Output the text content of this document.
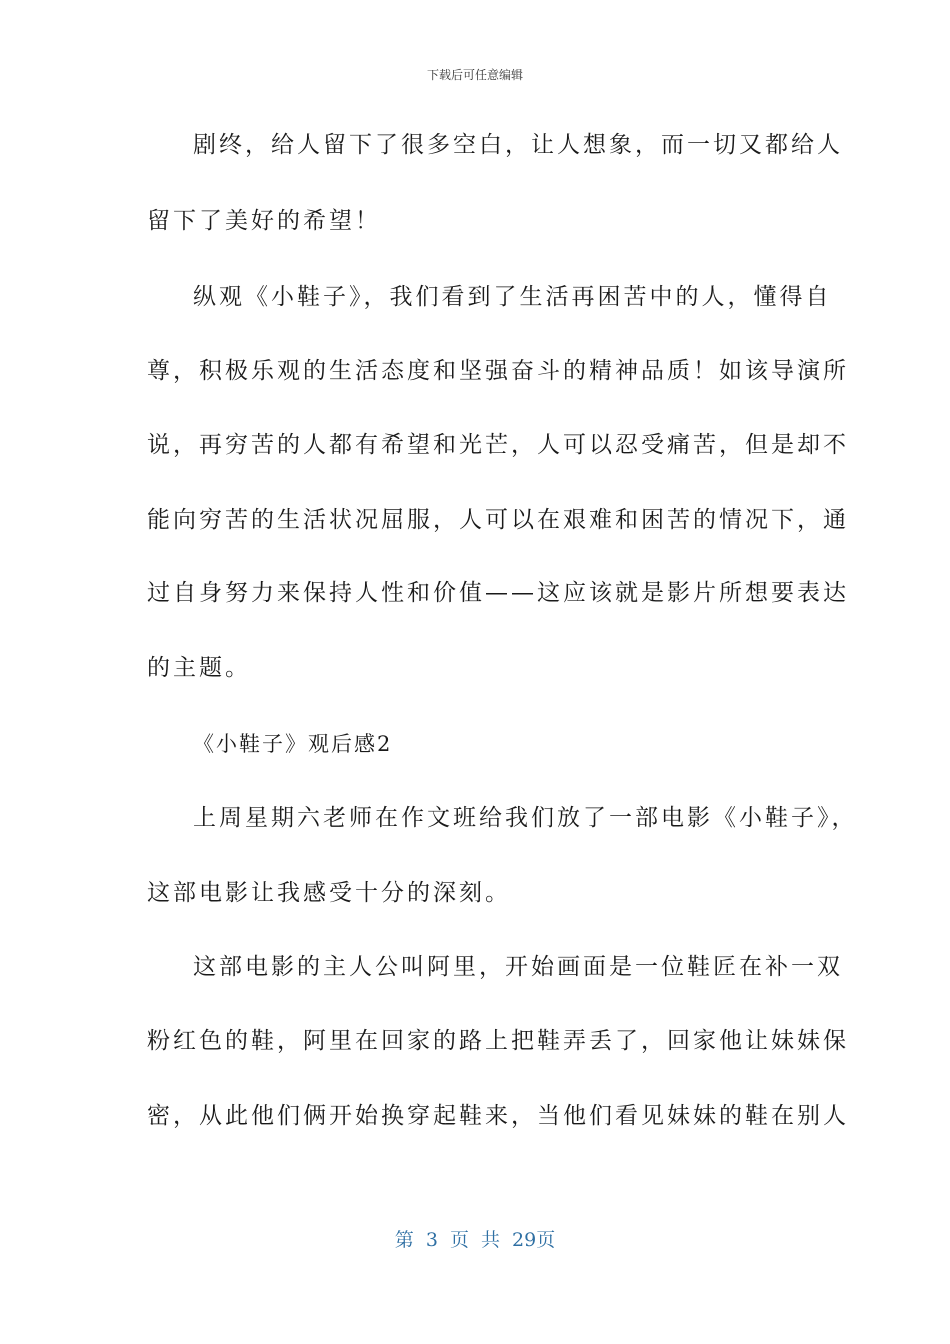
下载后可任意编辑
剧终，给人留下了很多空白，让人想象，而一切又都给人
留下了美好的希望！
纵观《小鞋子》，我们看到了生活再困苦中的人，懂得自
尊，积极乐观的生活态度和坚强奋斗的精神品质！如该导演所
说，再穷苦的人都有希望和光芒，人可以忍受痛苦，但是却不
能向穷苦的生活状况屈服，人可以在艰难和困苦的情况下，通
过自身努力来保持人性和价值——这应该就是影片所想要表达
的主题。
《小鞋子》观后感2
上周星期六老师在作文班给我们放了一部电影《小鞋子》，
这部电影让我感受十分的深刻。
这部电影的主人公叫阿里，开始画面是一位鞋匠在补一双
粉红色的鞋，阿里在回家的路上把鞋弄丢了，回家他让妹妹保
密，从此他们俩开始换穿起鞋来，当他们看见妹妹的鞋在别人
第 3 页 共 29页
